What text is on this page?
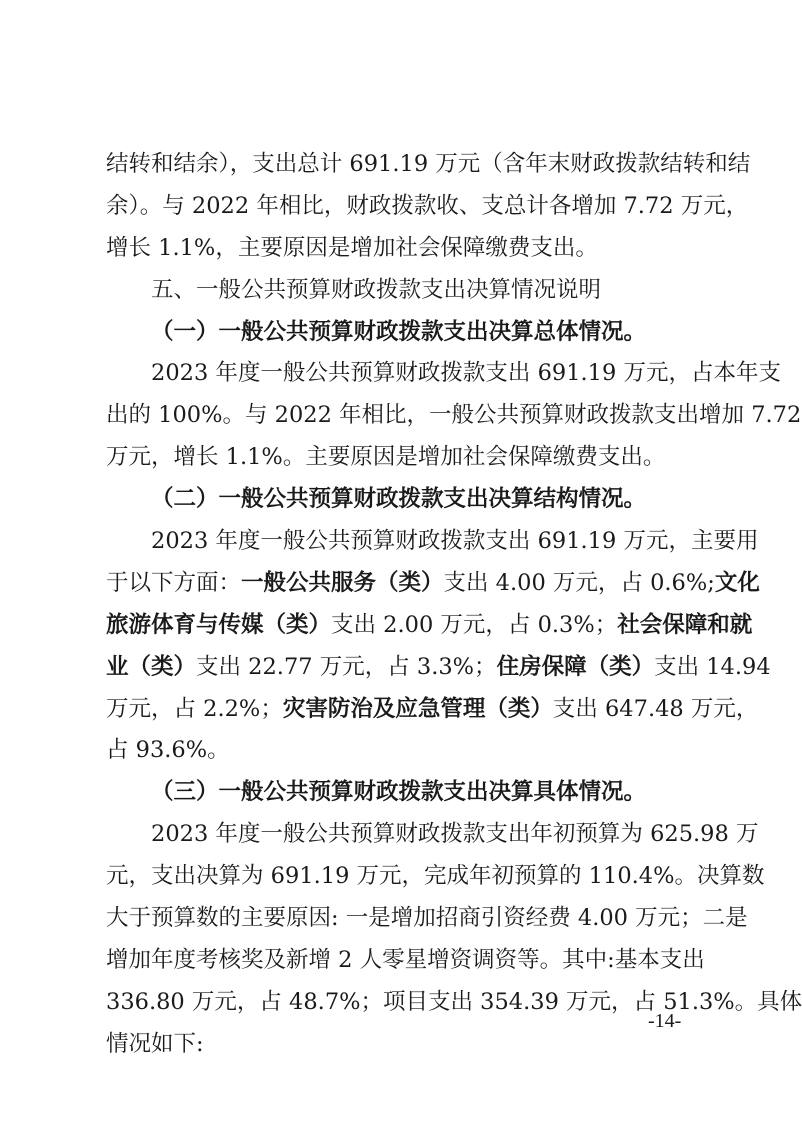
结转和结余），支出总计 691.19 万元（含年末财政拨款结转和结
余）。与 2022 年相比，财政拨款收、支总计各增加 7.72 万元，
增长 1.1%，主要原因是增加社会保障缴费支出。
五、一般公共预算财政拨款支出决算情况说明
（一）一般公共预算财政拨款支出决算总体情况。
2023 年度一般公共预算财政拨款支出 691.19 万元，占本年支
出的 100%。与 2022 年相比，一般公共预算财政拨款支出增加 7.72
万元，增长 1.1%。主要原因是增加社会保障缴费支出。
（二）一般公共预算财政拨款支出决算结构情况。
2023 年度一般公共预算财政拨款支出 691.19 万元，主要用
于以下方面：一般公共服务（类）支出 4.00 万元，占 0.6%;文化
旅游体育与传媒（类）支出 2.00 万元，占 0.3%；社会保障和就
业（类）支出 22.77 万元，占 3.3%；住房保障（类）支出 14.94
万元，占 2.2%；灾害防治及应急管理（类）支出 647.48 万元，
占 93.6%。
（三）一般公共预算财政拨款支出决算具体情况。
2023 年度一般公共预算财政拨款支出年初预算为 625.98 万
元，支出决算为 691.19 万元，完成年初预算的 110.4%。决算数
大于预算数的主要原因: 一是增加招商引资经费 4.00 万元；二是
增加年度考核奖及新增 2 人零星增资调资等。其中:基本支出
336.80 万元，占 48.7%；项目支出 354.39 万元，占 51.3%。具体
情况如下:
-14-
